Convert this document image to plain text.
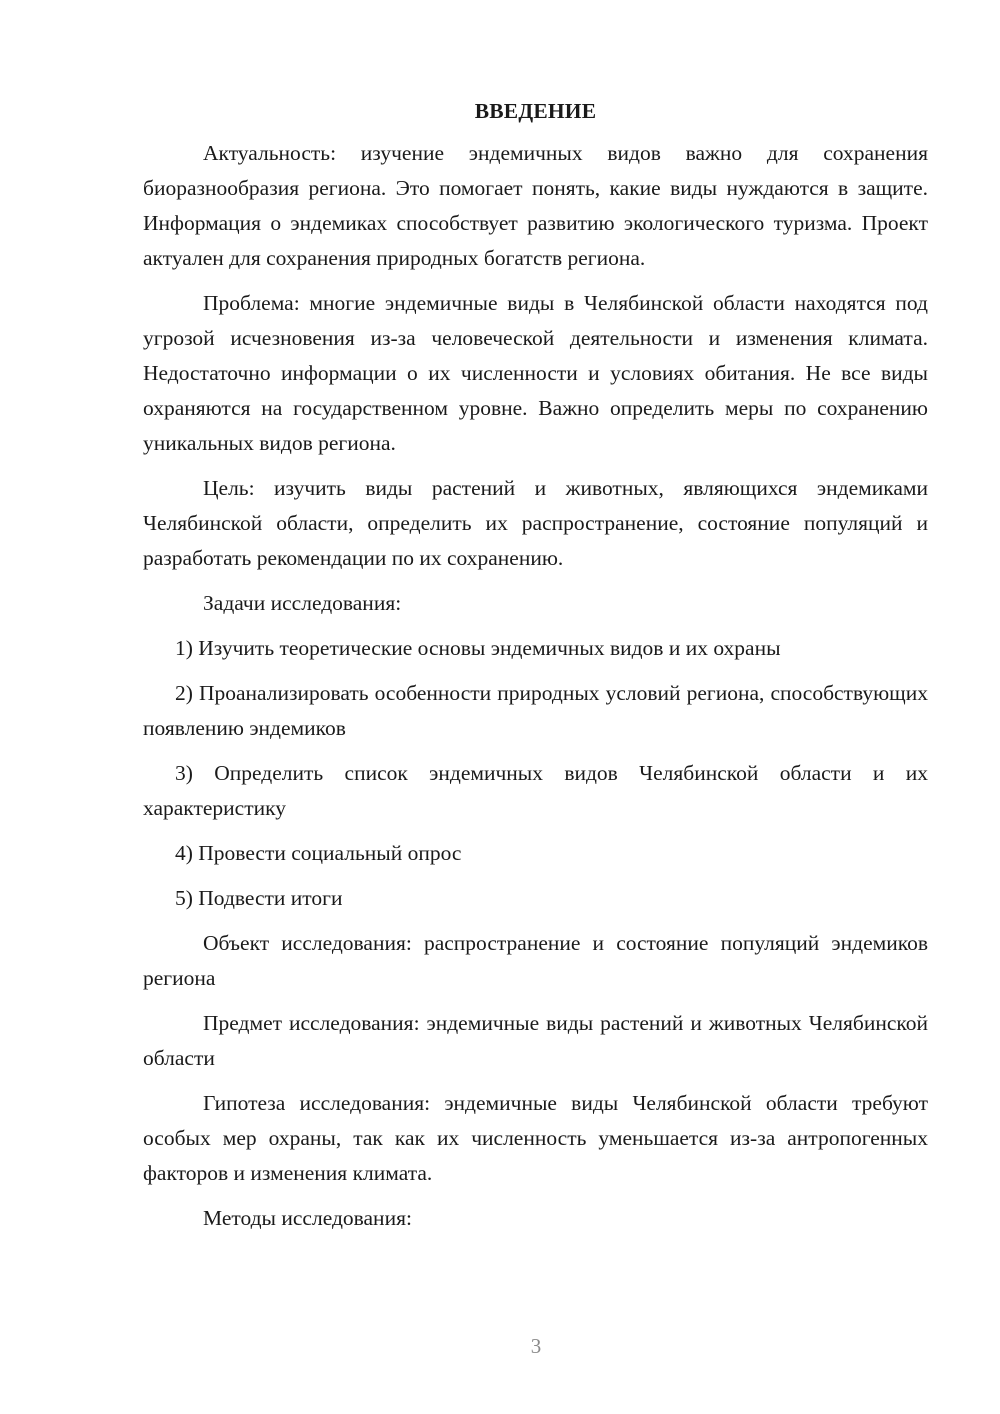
ВВЕДЕНИЕ

Актуальность: изучение эндемичных видов важно для сохранения биоразнообразия региона. Это помогает понять, какие виды нуждаются в защите. Информация о эндемиках способствует развитию экологического туризма. Проект актуален для сохранения природных богатств региона.

Проблема: многие эндемичные виды в Челябинской области находятся под угрозой исчезновения из-за человеческой деятельности и изменения климата. Недостаточно информации о их численности и условиях обитания. Не все виды охраняются на государственном уровне. Важно определить меры по сохранению уникальных видов региона.

Цель: изучить виды растений и животных, являющихся эндемиками Челябинской области, определить их распространение, состояние популяций и разработать рекомендации по их сохранению.

Задачи исследования:

1) Изучить теоретические основы эндемичных видов и их охраны

2) Проанализировать особенности природных условий региона, способствующих появлению эндемиков

3) Определить список эндемичных видов Челябинской области и их характеристику

4) Провести социальный опрос

5) Подвести итоги

Объект исследования: распространение и состояние популяций эндемиков региона

Предмет исследования: эндемичные виды растений и животных Челябинской области

Гипотеза исследования: эндемичные виды Челябинской области требуют особых мер охраны, так как их численность уменьшается из-за антропогенных факторов и изменения климата.

Методы исследования:

3
